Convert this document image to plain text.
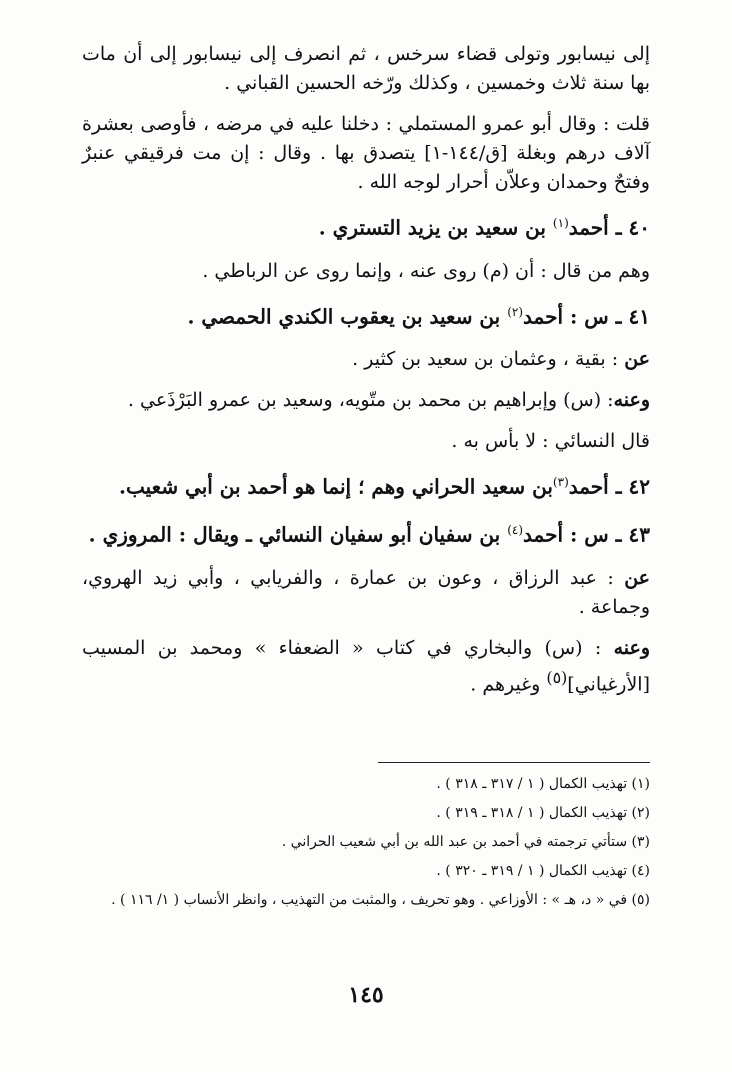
إلى نيسابور وتولى قضاء سرخس ، ثم انصرف إلى نيسابور إلى أن مات بها سنة ثلاث وخمسين ، وكذلك ورّخه الحسين القباني .

قلت : وقال أبو عمرو المستملي : دخلنا عليه في مرضه ، فأوصى بعشرة آلاف درهم وبغلة [ق/١٤٤-١] يتصدق بها . وقال : إن مت فرقيقي عنبرٌ وفتحٌ وحمدان وعلاّن أحرار لوجه الله .

٤٠ ـ أحمد$^{(١)}$ بن سعيد بن يزيد التستري .
وهم من قال : أن (م) روى عنه ، وإنما روى عن الرباطي .
٤١ ـ س : أحمد$^{(٢)}$ بن سعيد بن يعقوب الكندي الحمصي .
عن : بقية ، وعثمان بن سعيد بن كثير .
وعنه: (س) وإبراهيم بن محمد بن متّويه، وسعيد بن عمرو البَرْذَعي .
قال النسائي : لا بأس به .
٤٢ ـ أحمد$^{(٣)}$بن سعيد الحراني وهم ؛ إنما هو أحمد بن أبي شعيب.
٤٣ ـ س : أحمد$^{(٤)}$ بن سفيان أبو سفيان النسائي ـ ويقال : المروزي .
عن : عبد الرزاق ، وعون بن عمارة ، والفريابي ، وأبي زيد الهروي، وجماعة .
وعنه : (س) والبخاري في كتاب « الضعفاء » ومحمد بن المسيب [الأرغياني]$^{(٥)}$ وغيرهم .
(١) تهذيب الكمال ( ١ / ٣١٧ ـ ٣١٨ ) .
(٢) تهذيب الكمال ( ١ / ٣١٨ ـ ٣١٩ ) .
(٣) ستأتي ترجمته في أحمد بن عبد الله بن أبي شعيب الحراني .
(٤) تهذيب الكمال ( ١ / ٣١٩ ـ ٣٢٠ ) .
(٥) في « د، هـ » : الأوزاعي . وهو تحريف ، والمثبت من التهذيب ، وانظر الأنساب ( ١/ ١١٦ ) .
١٤٥
